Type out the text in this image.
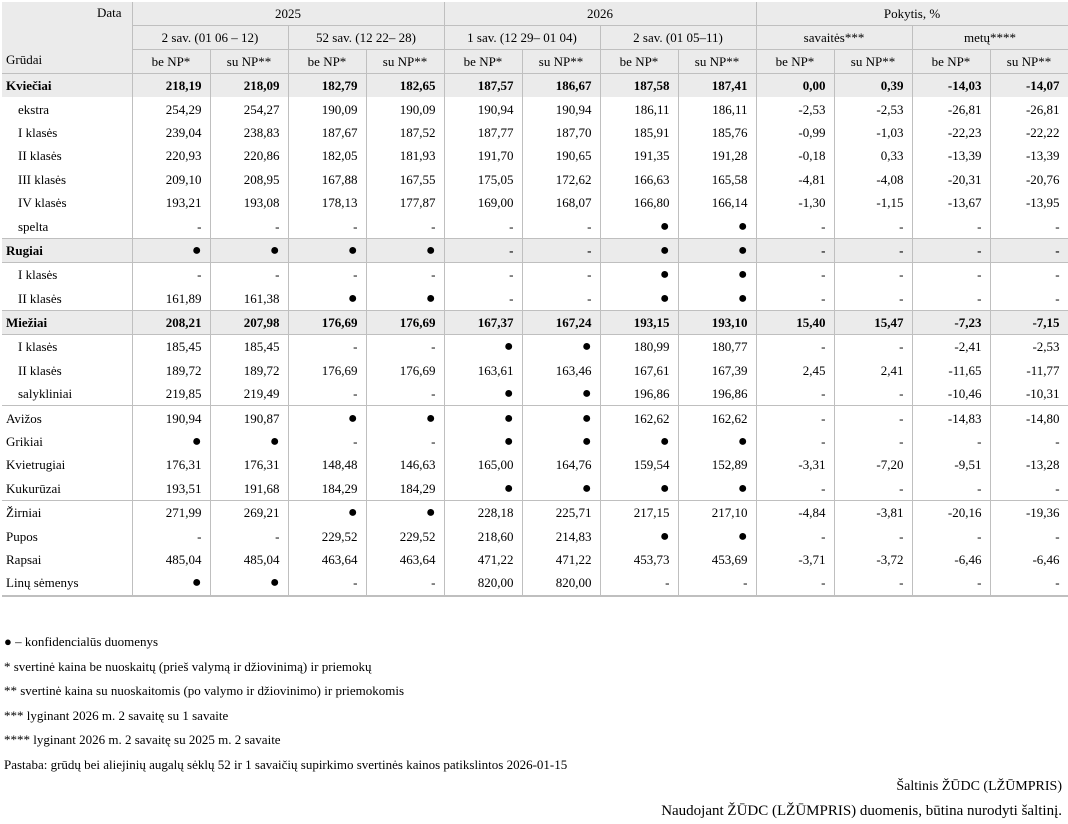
Data
Grūdai	2025				2026				Pokytis, %			
	2 sav. (01 06 – 12)		52 sav. (12 22– 28)		1 sav. (12 29– 01 04)		2 sav. (01 05–11)		savaitės***		metų****	
	be NP*	su NP**	be NP*	su NP**	be NP*	su NP**	be NP*	su NP**	be NP*	su NP**	be NP*	su NP**
Kviečiai	218,19	218,09	182,79	182,65	187,57	186,67	187,58	187,41	0,00	0,39	-14,03	-14,07
ekstra	254,29	254,27	190,09	190,09	190,94	190,94	186,11	186,11	-2,53	-2,53	-26,81	-26,81
I klasės	239,04	238,83	187,67	187,52	187,77	187,70	185,91	185,76	-0,99	-1,03	-22,23	-22,22
II klasės	220,93	220,86	182,05	181,93	191,70	190,65	191,35	191,28	-0,18	0,33	-13,39	-13,39
III klasės	209,10	208,95	167,88	167,55	175,05	172,62	166,63	165,58	-4,81	-4,08	-20,31	-20,76
IV klasės	193,21	193,08	178,13	177,87	169,00	168,07	166,80	166,14	-1,30	-1,15	-13,67	-13,95
spelta	-	-	-	-	-	-	●	●	-	-	-	-
Rugiai	●	●	●	●	-	-	●	●	-	-	-	-
I klasės	-	-	-	-	-	-	●	●	-	-	-	-
II klasės	161,89	161,38	●	●	-	-	●	●	-	-	-	-
Miežiai	208,21	207,98	176,69	176,69	167,37	167,24	193,15	193,10	15,40	15,47	-7,23	-7,15
I klasės	185,45	185,45	-	-	●	●	180,99	180,77	-	-	-2,41	-2,53
II klasės	189,72	189,72	176,69	176,69	163,61	163,46	167,61	167,39	2,45	2,41	-11,65	-11,77
salykliniai	219,85	219,49	-	-	●	●	196,86	196,86	-	-	-10,46	-10,31
Avižos	190,94	190,87	●	●	●	●	162,62	162,62	-	-	-14,83	-14,80
Grikiai	●	●	-	-	●	●	●	●	-	-	-	-
Kvietrugiai	176,31	176,31	148,48	146,63	165,00	164,76	159,54	152,89	-3,31	-7,20	-9,51	-13,28
Kukurūzai	193,51	191,68	184,29	184,29	●	●	●	●	-	-	-	-
Žirniai	271,99	269,21	●	●	228,18	225,71	217,15	217,10	-4,84	-3,81	-20,16	-19,36
Pupos	-	-	229,52	229,52	218,60	214,83	●	●	-	-	-	-
Rapsai	485,04	485,04	463,64	463,64	471,22	471,22	453,73	453,69	-3,71	-3,72	-6,46	-6,46
Linų sėmenys	●	●	-	-	820,00	820,00	-	-	-	-	-	-
● – konfidencialūs duomenys
* svertinė kaina be nuoskaitų (prieš valymą ir džiovinimą) ir priemokų
** svertinė kaina su nuoskaitomis (po valymo ir džiovinimo) ir priemokomis
*** lyginant 2026 m. 2 savaitę su 1 savaite
**** lyginant 2026 m. 2 savaitę su 2025 m. 2 savaite
Pastaba: grūdų bei aliejinių augalų sėklų 52 ir 1 savaičių supirkimo svertinės kainos patikslintos 2026-01-15
Šaltinis ŽŪDC (LŽŪMPRIS)
Naudojant ŽŪDC (LŽŪMPRIS) duomenis, būtina nurodyti šaltinį.
